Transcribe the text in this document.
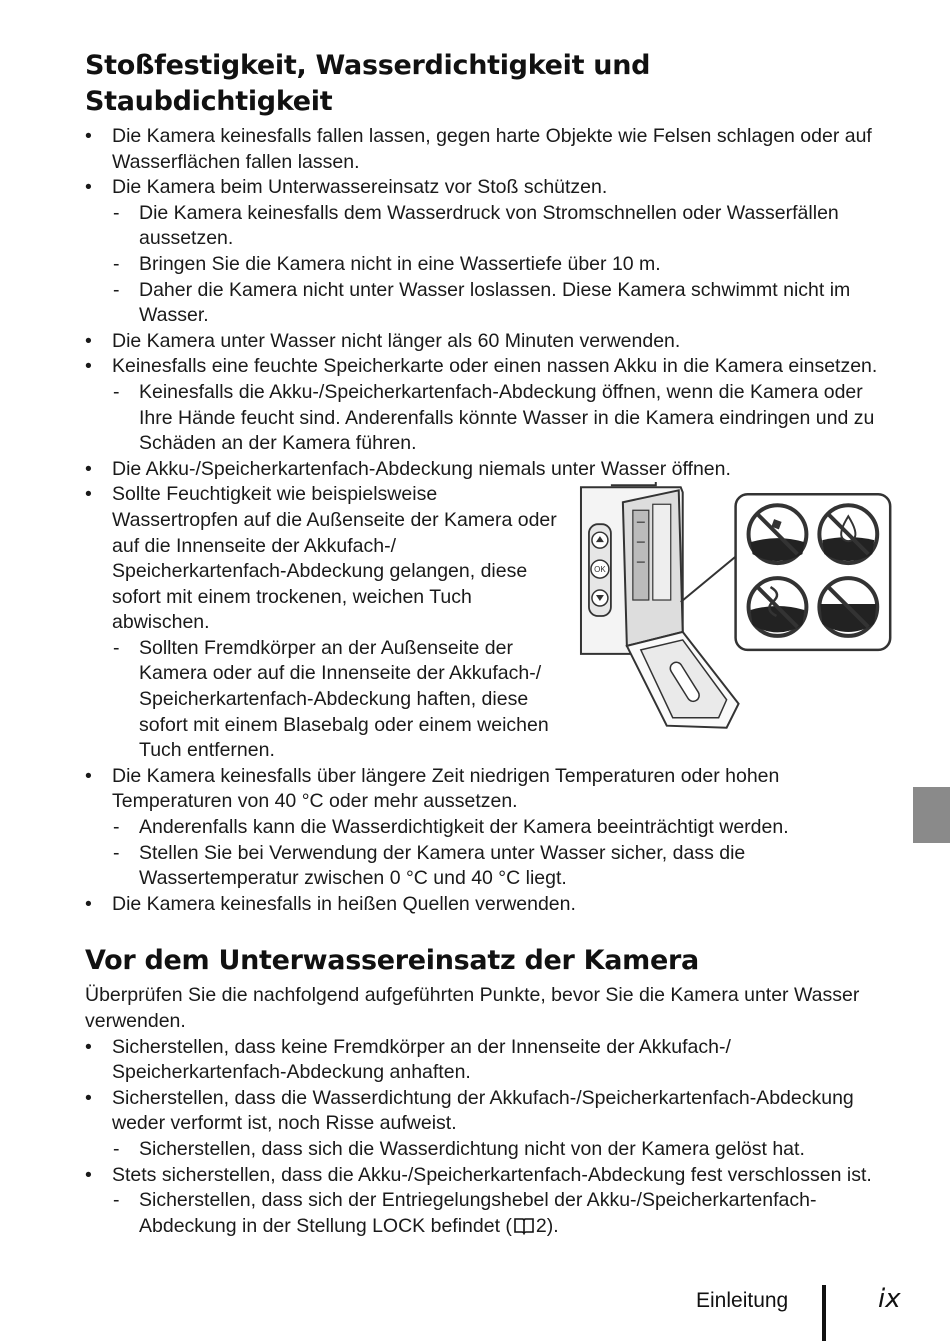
Stoßfestigkeit, Wasserdichtigkeit und Staubdichtigkeit
• Die Kamera keinesfalls fallen lassen, gegen harte Objekte wie Felsen schlagen oder auf Wasserflächen fallen lassen.
• Die Kamera beim Unterwassereinsatz vor Stoß schützen.
- Die Kamera keinesfalls dem Wasserdruck von Stromschnellen oder Wasserfällen aussetzen.
- Bringen Sie die Kamera nicht in eine Wassertiefe über 10 m.
- Daher die Kamera nicht unter Wasser loslassen. Diese Kamera schwimmt nicht im Wasser.
• Die Kamera unter Wasser nicht länger als 60 Minuten verwenden.
• Keinesfalls eine feuchte Speicherkarte oder einen nassen Akku in die Kamera einsetzen.
- Keinesfalls die Akku-/Speicherkartenfach-Abdeckung öffnen, wenn die Kamera oder Ihre Hände feucht sind. Anderenfalls könnte Wasser in die Kamera eindringen und zu Schäden an der Kamera führen.
• Die Akku-/Speicherkartenfach-Abdeckung niemals unter Wasser öffnen.
• Sollte Feuchtigkeit wie beispielsweise Wassertropfen auf die Außenseite der Kamera oder auf die Innenseite der Akkufach-/ Speicherkartenfach-Abdeckung gelangen, diese sofort mit einem trockenen, weichen Tuch abwischen.
- Sollten Fremdkörper an der Außenseite der Kamera oder auf die Innenseite der Akkufach-/ Speicherkartenfach-Abdeckung haften, diese sofort mit einem Blasebalg oder einem weichen Tuch entfernen.
OK
• Die Kamera keinesfalls über längere Zeit niedrigen Temperaturen oder hohen Temperaturen von 40 °C oder mehr aussetzen.
- Anderenfalls kann die Wasserdichtigkeit der Kamera beeinträchtigt werden.
- Stellen Sie bei Verwendung der Kamera unter Wasser sicher, dass die Wassertemperatur zwischen 0 °C und 40 °C liegt.
• Die Kamera keinesfalls in heißen Quellen verwenden.
Vor dem Unterwassereinsatz der Kamera

Überprüfen Sie die nachfolgend aufgeführten Punkte, bevor Sie die Kamera unter Wasser verwenden.

• Sicherstellen, dass keine Fremdkörper an der Innenseite der Akkufach-/ Speicherkartenfach-Abdeckung anhaften.
• Sicherstellen, dass die Wasserdichtung der Akkufach-/Speicherkartenfach-Abdeckung weder verformt ist, noch Risse aufweist.
- Sicherstellen, dass sich die Wasserdichtung nicht von der Kamera gelöst hat.
• Stets sicherstellen, dass die Akku-/Speicherkartenfach-Abdeckung fest verschlossen ist.
- Sicherstellen, dass sich der Entriegelungshebel der Akku-/Speicherkartenfach-Abdeckung in der Stellung LOCK befindet ( 2).
Einleitung	ix
